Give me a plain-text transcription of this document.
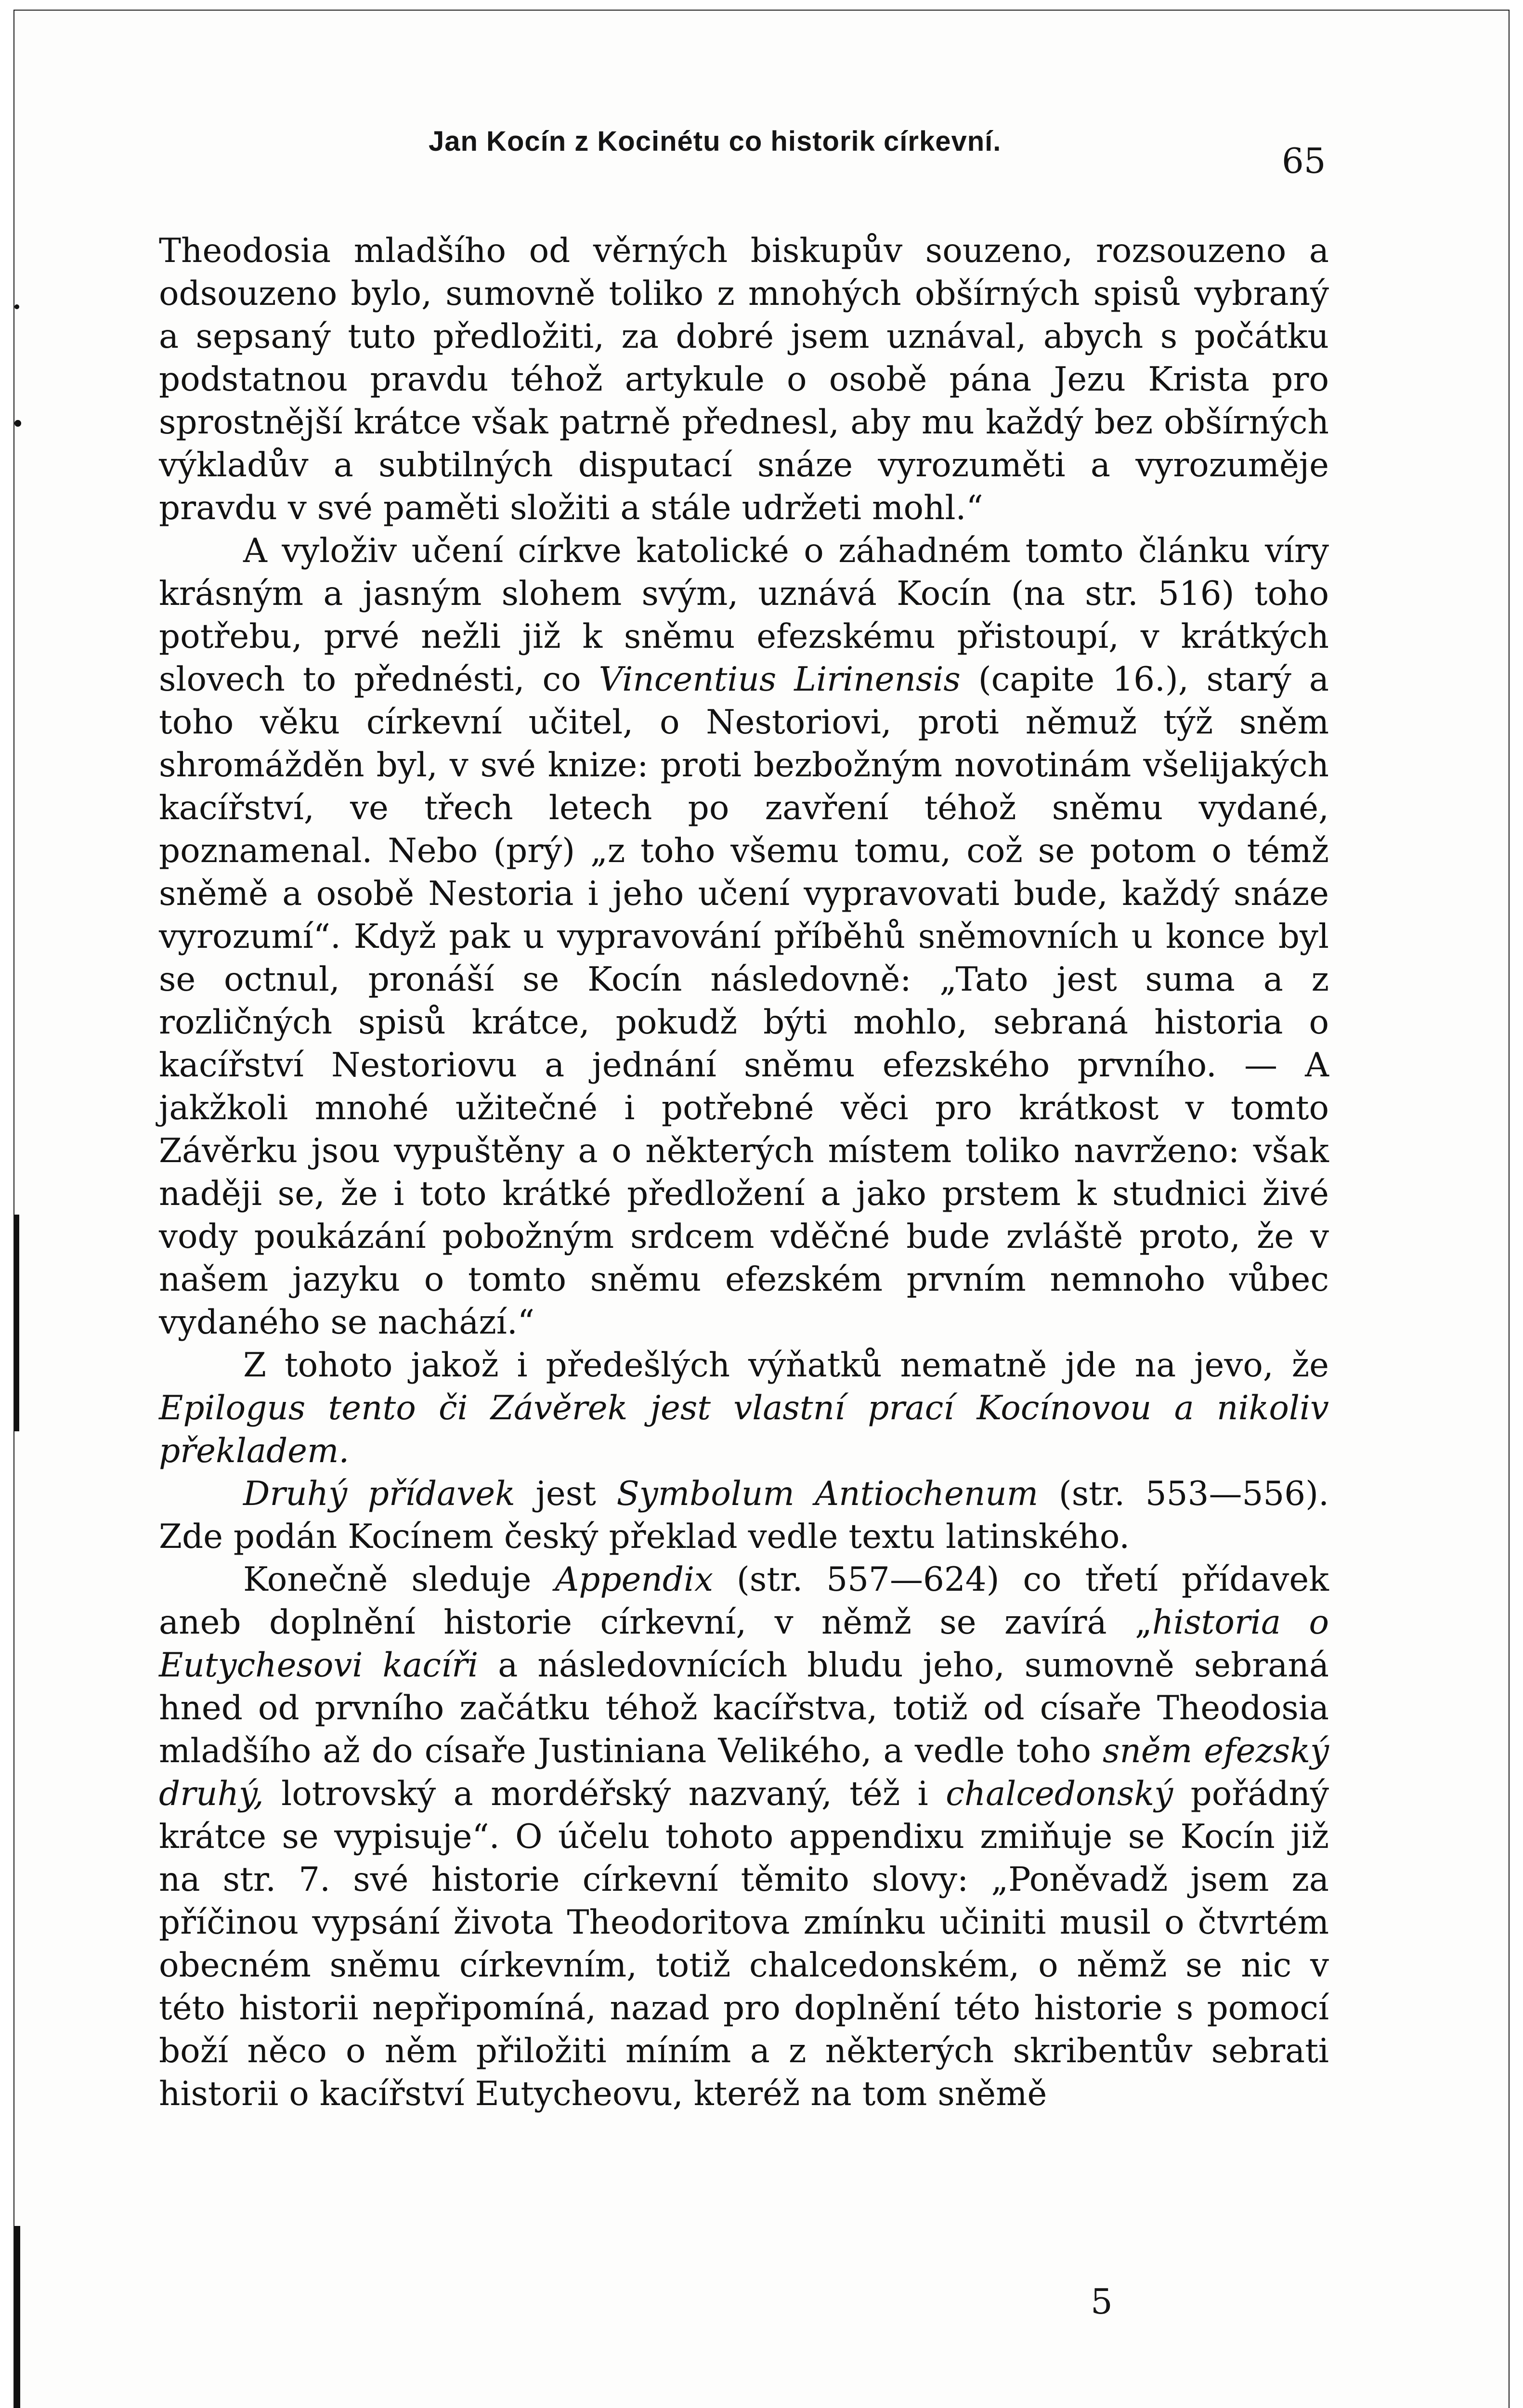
Jan Kocín z Kocinétu co historik církevní.	65

Theodosia mladšího od věrných biskupův souzeno, rozsouzeno a odsouzeno bylo, sumovně toliko z mnohých obšírných spisů vybraný a sepsaný tuto předložiti, za dobré jsem uznával, abych s počátku podstatnou pravdu téhož artykule o osobě pána Jezu Krista pro sprostnější krátce však patrně přednesl, aby mu každý bez obšírných výkladův a subtilných disputací snáze vyrozuměti a vyrozuměje pravdu v své paměti složiti a stále udržeti mohl.“

A vyloživ učení církve katolické o záhadném tomto článku víry krásným a jasným slohem svým, uznává Kocín (na str. 516) toho potřebu, prvé nežli již k sněmu efezskému přistoupí, v krátkých slovech to přednésti, co Vincentius Lirinensis (capite 16.), starý a toho věku církevní učitel, o Nestoriovi, proti němuž týž sněm shromážděn byl, v své knize: proti bezbožným novotinám všelijakých kacířství, ve třech letech po zavření téhož sněmu vydané, poznamenal. Nebo (prý) „z toho všemu tomu, což se potom o témž sněmě a osobě Nestoria i jeho učení vypravovati bude, každý snáze vyrozumí“. Když pak u vypravování příběhů sněmovních u konce byl se octnul, pronáší se Kocín následovně: „Tato jest suma a z rozličných spisů krátce, pokudž býti mohlo, sebraná historia o kacířství Nestoriovu a jednání sněmu efezského prvního. — A jakžkoli mnohé užitečné i potřebné věci pro krátkost v tomto Závěrku jsou vypuštěny a o některých místem toliko navrženo: však naději se, že i toto krátké předložení a jako prstem k studnici živé vody poukázání pobožným srdcem vděčné bude zvláště proto, že v našem jazyku o tomto sněmu efezském prvním nemnoho vůbec vydaného se nachází.“

Z tohoto jakož i předešlých výňatků nematně jde na jevo, že Epilogus tento či Závěrek jest vlastní prací Kocínovou a nikoliv překladem.

Druhý přídavek jest Symbolum Antiochenum (str. 553—556). Zde podán Kocínem český překlad vedle textu latinského.

Konečně sleduje Appendix (str. 557—624) co třetí přídavek aneb doplnění historie církevní, v němž se zavírá „historia o Eutychesovi kacíři a následovnících bludu jeho, sumovně sebraná hned od prvního začátku téhož kacířstva, totiž od císaře Theodosia mladšího až do císaře Justiniana Velikého, a vedle toho sněm efezský druhý, lotrovský a mordéřský nazvaný, též i chalcedonský pořádný krátce se vypisuje“. O účelu tohoto appendixu zmiňuje se Kocín již na str. 7. své historie církevní těmito slovy: „Poněvadž jsem za příčinou vypsání života Theodoritova zmínku učiniti musil o čtvrtém obecném sněmu církevním, totiž chalcedonském, o němž se nic v této historii nepřipomíná, nazad pro doplnění této historie s pomocí boží něco o něm přiložiti míním a z některých skribentův sebrati historii o kacířství Eutycheovu, kteréž na tom sněmě

5
